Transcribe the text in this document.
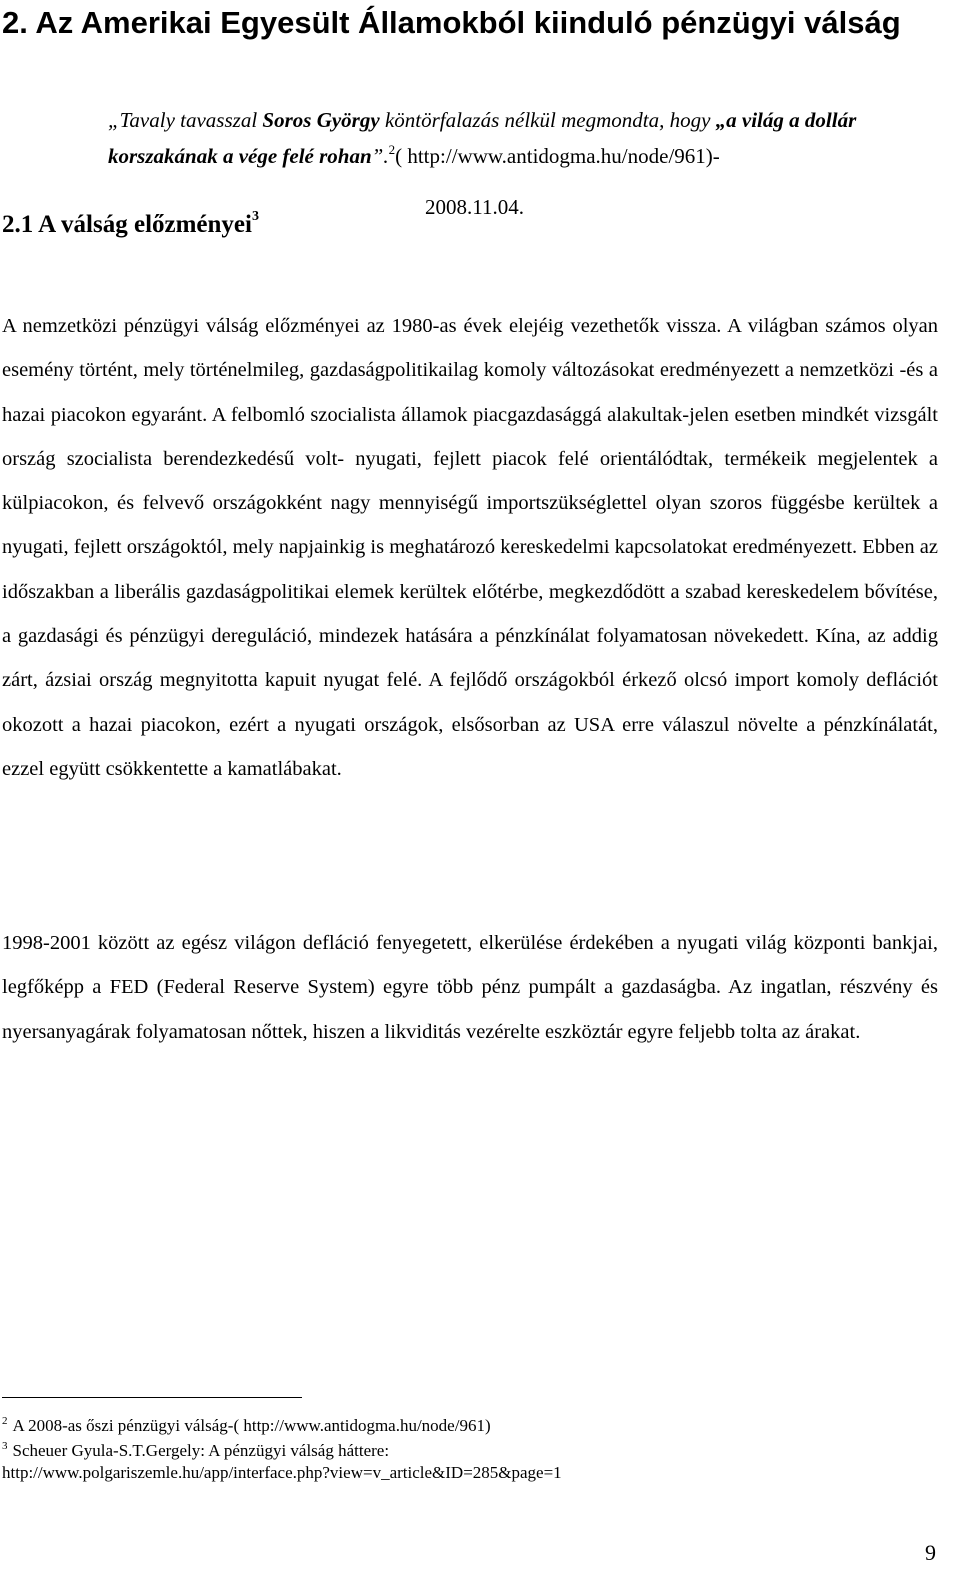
2. Az Amerikai Egyesült Államokból kiinduló pénzügyi válság

„Tavaly tavasszal Soros György köntörfalazás nélkül megmondta, hogy „a világ a dollár korszakának a vége felé rohan”.$^2$( http://www.antidogma.hu/node/961)-

2008.11.04.
2.1 A válság előzményei$^3$

A nemzetközi pénzügyi válság előzményei az 1980-as évek elejéig vezethetők vissza. A világban számos olyan esemény történt, mely történelmileg, gazdaságpolitikailag komoly változásokat eredményezett a nemzetközi -és a hazai piacokon egyaránt. A felbomló szocialista államok piacgazdasággá alakultak-jelen esetben mindkét vizsgált ország szocialista berendezkedésű volt- nyugati, fejlett piacok felé orientálódtak, termékeik megjelentek a külpiacokon, és felvevő országokként nagy mennyiségű importszükséglettel olyan szoros függésbe kerültek a nyugati, fejlett országoktól, mely napjainkig is meghatározó kereskedelmi kapcsolatokat eredményezett. Ebben az időszakban a liberális gazdaságpolitikai elemek kerültek előtérbe, megkezdődött a szabad kereskedelem bővítése, a gazdasági és pénzügyi dereguláció, mindezek hatására a pénzkínálat folyamatosan növekedett. Kína, az addig zárt, ázsiai ország megnyitotta kapuit nyugat felé. A fejlődő országokból érkező olcsó import komoly deflációt okozott a hazai piacokon, ezért a nyugati országok, elsősorban az USA erre válaszul növelte a pénzkínálatát, ezzel együtt csökkentette a kamatlábakat.

1998-2001 között az egész világon defláció fenyegetett, elkerülése érdekében a nyugati világ központi bankjai, legfőképp a FED (Federal Reserve System) egyre több pénz pumpált a gazdaságba. Az ingatlan, részvény és nyersanyagárak folyamatosan nőttek, hiszen a likviditás vezérelte eszköztár egyre feljebb tolta az árakat.

$^2$ A 2008-as őszi pénzügyi válság-( http://www.antidogma.hu/node/961)

$^3$ Scheuer Gyula-S.T.Gergely: A pénzügyi válság háttere:

http://www.polgariszemle.hu/app/interface.php?view=v_article&ID=285&page=1

9
